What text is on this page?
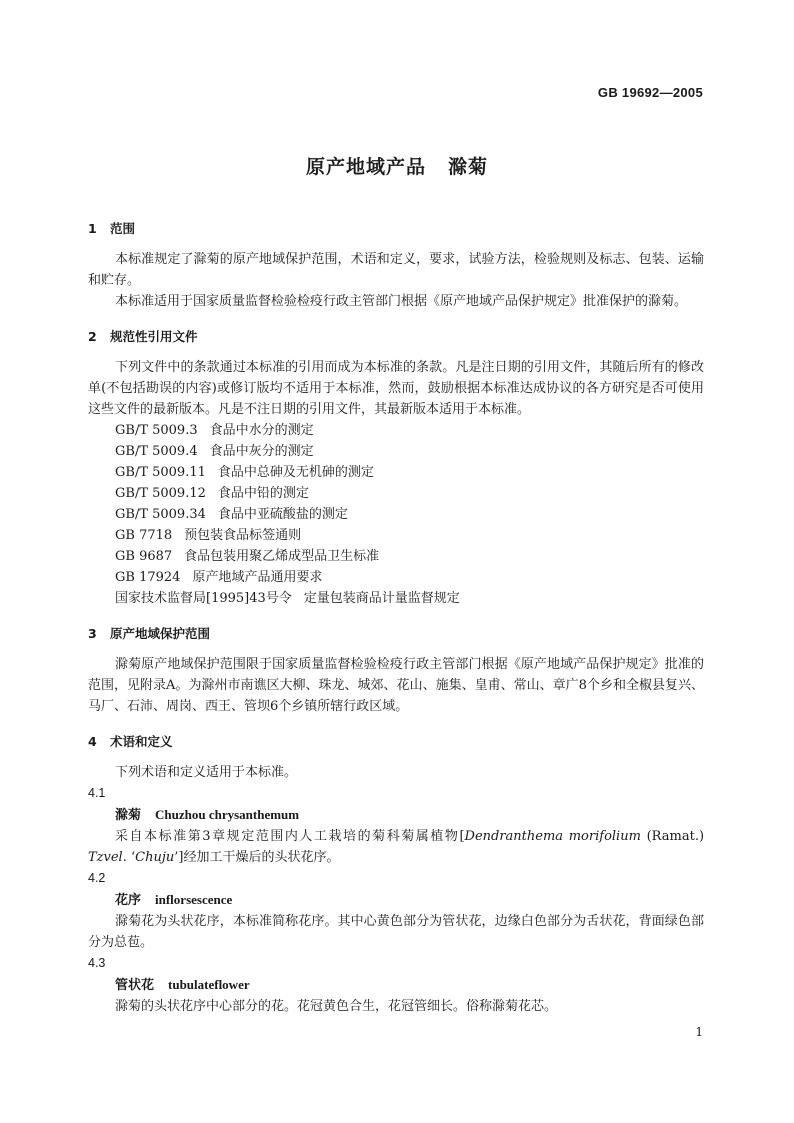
GB 19692—2005
原产地域产品 滁菊
1 范围

本标准规定了滁菊的原产地域保护范围，术语和定义，要求，试验方法，检验规则及标志、包装、运输和贮存。

本标准适用于国家质量监督检验检疫行政主管部门根据《原产地域产品保护规定》批准保护的滁菊。

2 规范性引用文件

下列文件中的条款通过本标准的引用而成为本标准的条款。凡是注日期的引用文件，其随后所有的修改单(不包括勘误的内容)或修订版均不适用于本标准，然而，鼓励根据本标准达成协议的各方研究是否可使用这些文件的最新版本。凡是不注日期的引用文件，其最新版本适用于本标准。

GB/T 5009.3 食品中水分的测定

GB/T 5009.4 食品中灰分的测定

GB/T 5009.11 食品中总砷及无机砷的测定

GB/T 5009.12 食品中铅的测定

GB/T 5009.34 食品中亚硫酸盐的测定

GB 7718 预包装食品标签通则

GB 9687 食品包装用聚乙烯成型品卫生标准

GB 17924 原产地域产品通用要求

国家技术监督局[1995]43号令 定量包装商品计量监督规定

3 原产地域保护范围

滁菊原产地域保护范围限于国家质量监督检验检疫行政主管部门根据《原产地域产品保护规定》批准的范围，见附录A。为滁州市南谯区大柳、珠龙、城郊、花山、施集、皇甫、常山、章广8个乡和全椒县复兴、马厂、石沛、周岗、西王、管坝6个乡镇所辖行政区域。

4 术语和定义

下列术语和定义适用于本标准。

4.1

滁菊 Chuzhou chrysanthemum

采自本标准第3章规定范围内人工栽培的菊科菊属植物[Dendranthema morifolium (Ramat.) Tzvel. ‘Chuju’]经加工干燥后的头状花序。

4.2

花序 inflorsescence

滁菊花为头状花序，本标准简称花序。其中心黄色部分为管状花，边缘白色部分为舌状花，背面绿色部分为总苞。

4.3

管状花 tubulateflower

滁菊的头状花序中心部分的花。花冠黄色合生，花冠管细长。俗称滁菊花芯。

1
